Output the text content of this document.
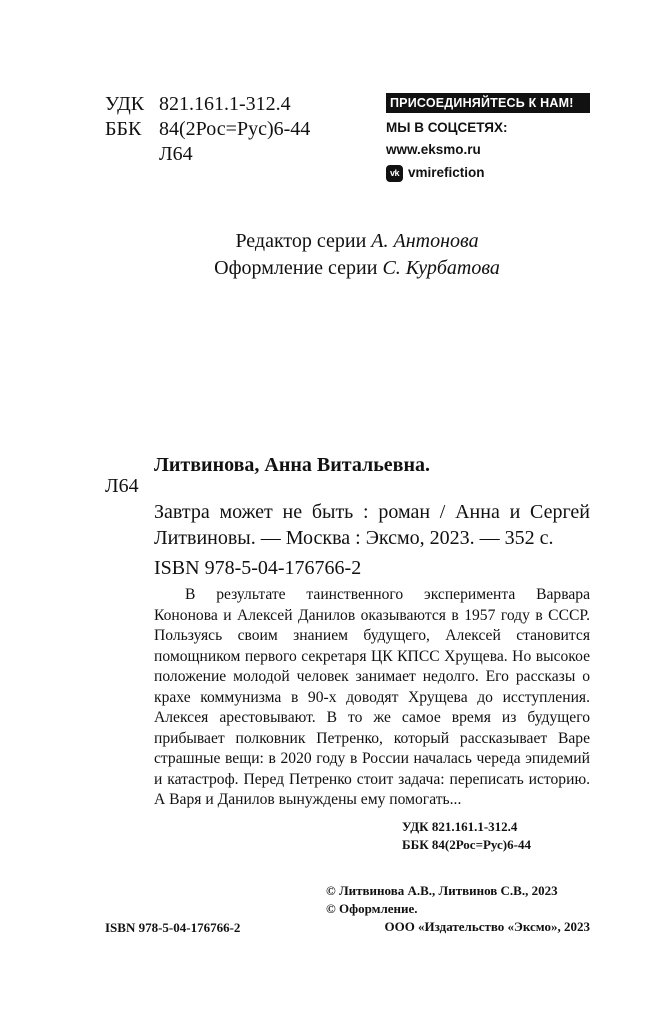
УДК 821.161.1-312.4
ББК 84(2Рос=Рус)6-44
Л64
ПРИСОЕДИНЯЙТЕСЬ К НАМ!
МЫ В СОЦСЕТЯХ:
www.eksmo.ru
vk vmirefiction
Редактор серии А. Антонова
Оформление серии С. Курбатова
Литвинова, Анна Витальевна.
Л64
Завтра может не быть : роман / Анна и Сергей Литвиновы. — Москва : Эксмо, 2023. — 352 с.
ISBN 978-5-04-176766-2

В результате таинственного эксперимента Варвара Кононова и Алексей Данилов оказываются в 1957 году в СССР. Пользуясь своим знанием будущего, Алексей становится помощником первого секретаря ЦК КПСС Хрущева. Но высокое положение молодой человек занимает недолго. Его рассказы о крахе коммунизма в 90-х доводят Хрущева до исступления. Алексея арестовывают. В то же самое время из будущего прибывает полковник Петренко, который рассказывает Варе страшные вещи: в 2020 году в России началась череда эпидемий и катастроф. Перед Петренко стоит задача: переписать историю. А Варя и Данилов вынуждены ему помогать...

УДК 821.161.1-312.4
ББК 84(2Рос=Рус)6-44
© Литвинова А.В., Литвинов С.В., 2023
© Оформление.
ООО «Издательство «Эксмо», 2023
ISBN 978-5-04-176766-2
